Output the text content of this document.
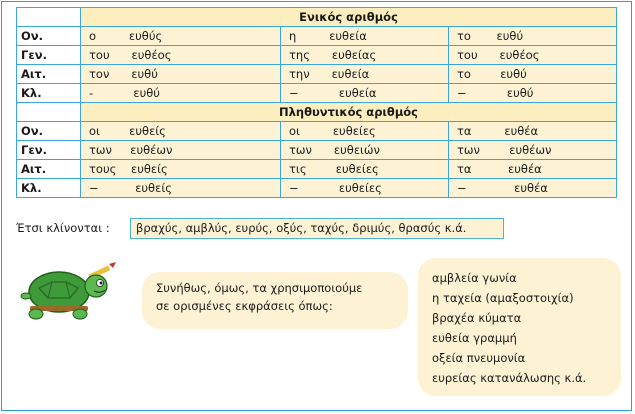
	Ενικός αριθμός		
Ον.	ο         ευθύς	η         ευθεία	το       ευθύ
Γεν.	του      ευθέος	της      ευθείας	του      ευθέος
Αιτ.	τον      ευθύ	την      ευθεία	το        ευθύ
Κλ.	-           ευθύ	−           ευθεία	−           ευθύ
	Πληθυντικός αριθμός		
Ον.	οι        ευθείς	οι         ευθείες	τα         ευθέα
Γεν.	των     ευθέων	των      ευθειών	των        ευθέων
Αιτ.	τους    ευθείς	τις        ευθείες	τα          ευθέα
Κλ.	−          ευθείς	−           ευθείες	−             ευθέα
Έτσι κλίνονται :	βραχύς, αμβλύς, ευρύς, οξύς, ταχύς, δριμύς, θρασύς κ.ά.
Συνήθως, όμως, τα χρησιμοποιούμε
σε ορισμένες εκφράσεις όπως:
αμβλεία γωνία
η ταχεία (αμαξοστοιχία)
βραχέα κύματα
ευθεία γραμμή
οξεία πνευμονία
ευρείας κατανάλωσης κ.ά.
